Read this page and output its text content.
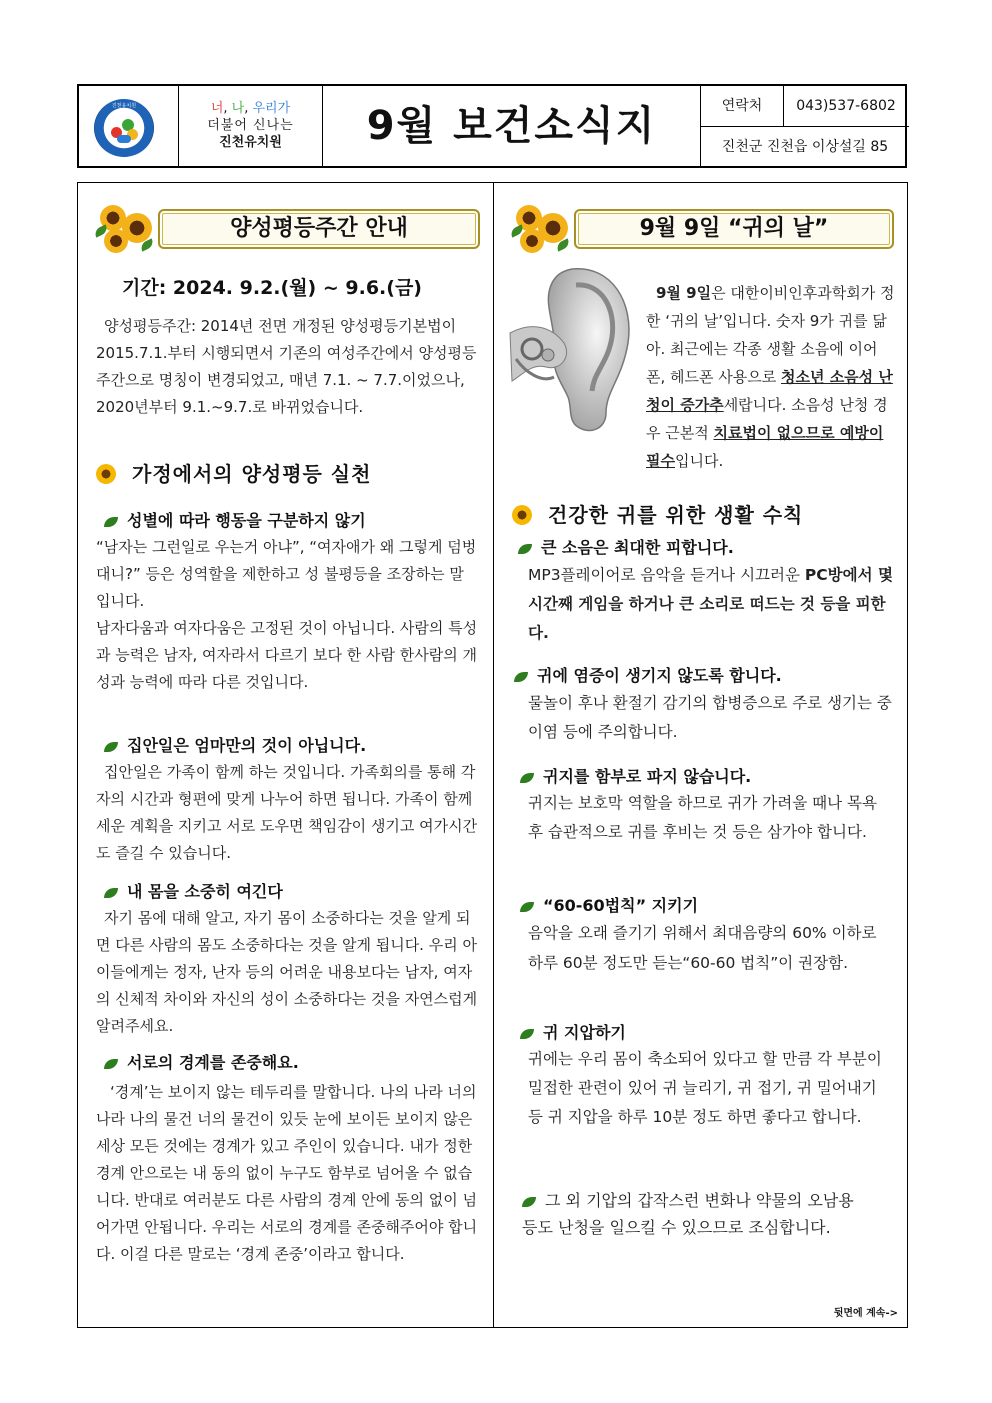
진천유치원	너, 나, 우리가
더불어 신나는
진천유치원	9월 보건소식지	연락처	043)537-6802
진천군 진천읍 이상설길 85
양성평등주간 안내
기간: 2024. 9.2.(월) ~ 9.6.(금)

양성평등주간: 2014년 전면 개정된 양성평등기본법이 2015.7.1.부터 시행되면서 기존의 여성주간에서 양성평등주간으로 명칭이 변경되었고, 매년 7.1. ~ 7.7.이었으나, 2020년부터 9.1.~9.7.로 바뀌었습니다.

가정에서의 양성평등 실천
성별에 따라 행동을 구분하지 않기

“남자는 그런일로 우는거 아냐”, “여자애가 왜 그렇게 덤벙대니?” 등은 성역할을 제한하고 성 불평등을 조장하는 말입니다.

남자다움과 여자다움은 고정된 것이 아닙니다. 사람의 특성과 능력은 남자, 여자라서 다르기 보다 한 사람 한사람의 개성과 능력에 따라 다른 것입니다.

집안일은 엄마만의 것이 아닙니다.

집안일은 가족이 함께 하는 것입니다. 가족회의를 통해 각자의 시간과 형편에 맞게 나누어 하면 됩니다. 가족이 함께 세운 계획을 지키고 서로 도우면 책임감이 생기고 여가시간도 즐길 수 있습니다.

내 몸을 소중히 여긴다

자기 몸에 대해 알고, 자기 몸이 소중하다는 것을 알게 되면 다른 사람의 몸도 소중하다는 것을 알게 됩니다. 우리 아이들에게는 정자, 난자 등의 어려운 내용보다는 남자, 여자의 신체적 차이와 자신의 성이 소중하다는 것을 자연스럽게 알려주세요.

서로의 경계를 존중해요.

‘경계’는 보이지 않는 테두리를 말합니다. 나의 나라 너의 나라 나의 물건 너의 물건이 있듯 눈에 보이든 보이지 않은 세상 모든 것에는 경계가 있고 주인이 있습니다. 내가 정한 경계 안으로는 내 동의 없이 누구도 함부로 넘어올 수 없습니다. 반대로 여러분도 다른 사람의 경계 안에 동의 없이 넘어가면 안됩니다. 우리는 서로의 경계를 존중해주어야 합니다. 이걸 다른 말로는 ‘경계 존중’이라고 합니다.

9월 9일 “귀의 날”
9월 9일은 대한이비인후과학회가 정한 ‘귀의 날’입니다. 숫자 9가 귀를 닮아. 최근에는 각종 생활 소음에 이어폰, 헤드폰 사용으로 청소년 소음성 난청이 증가추세랍니다. 소음성 난청 경우 근본적 치료법이 없으므로 예방이 필수입니다.
건강한 귀를 위한 생활 수칙
큰 소음은 최대한 피합니다.

MP3플레이어로 음악을 듣거나 시끄러운 PC방에서 몇 시간째 게임을 하거나 큰 소리로 떠드는 것 등을 피한다.

귀에 염증이 생기지 않도록 합니다.

물놀이 후나 환절기 감기의 합병증으로 주로 생기는 중이염 등에 주의합니다.

귀지를 함부로 파지 않습니다.

귀지는 보호막 역할을 하므로 귀가 가려울 때나 목욕 후 습관적으로 귀를 후비는 것 등은 삼가야 합니다.

“60-60법칙” 지키기

음악을 오래 즐기기 위해서 최대음량의 60% 이하로 하루 60분 정도만 듣는“60-60 법칙”이 권장함.

귀 지압하기

귀에는 우리 몸이 축소되어 있다고 할 만큼 각 부분이 밀접한 관련이 있어 귀 늘리기, 귀 접기, 귀 밀어내기 등 귀 지압을 하루 10분 정도 하면 좋다고 합니다.

그 외 기압의 갑작스런 변화나 약물의 오남용 등도 난청을 일으킬 수 있으므로 조심합니다.
뒷면에 계속->
